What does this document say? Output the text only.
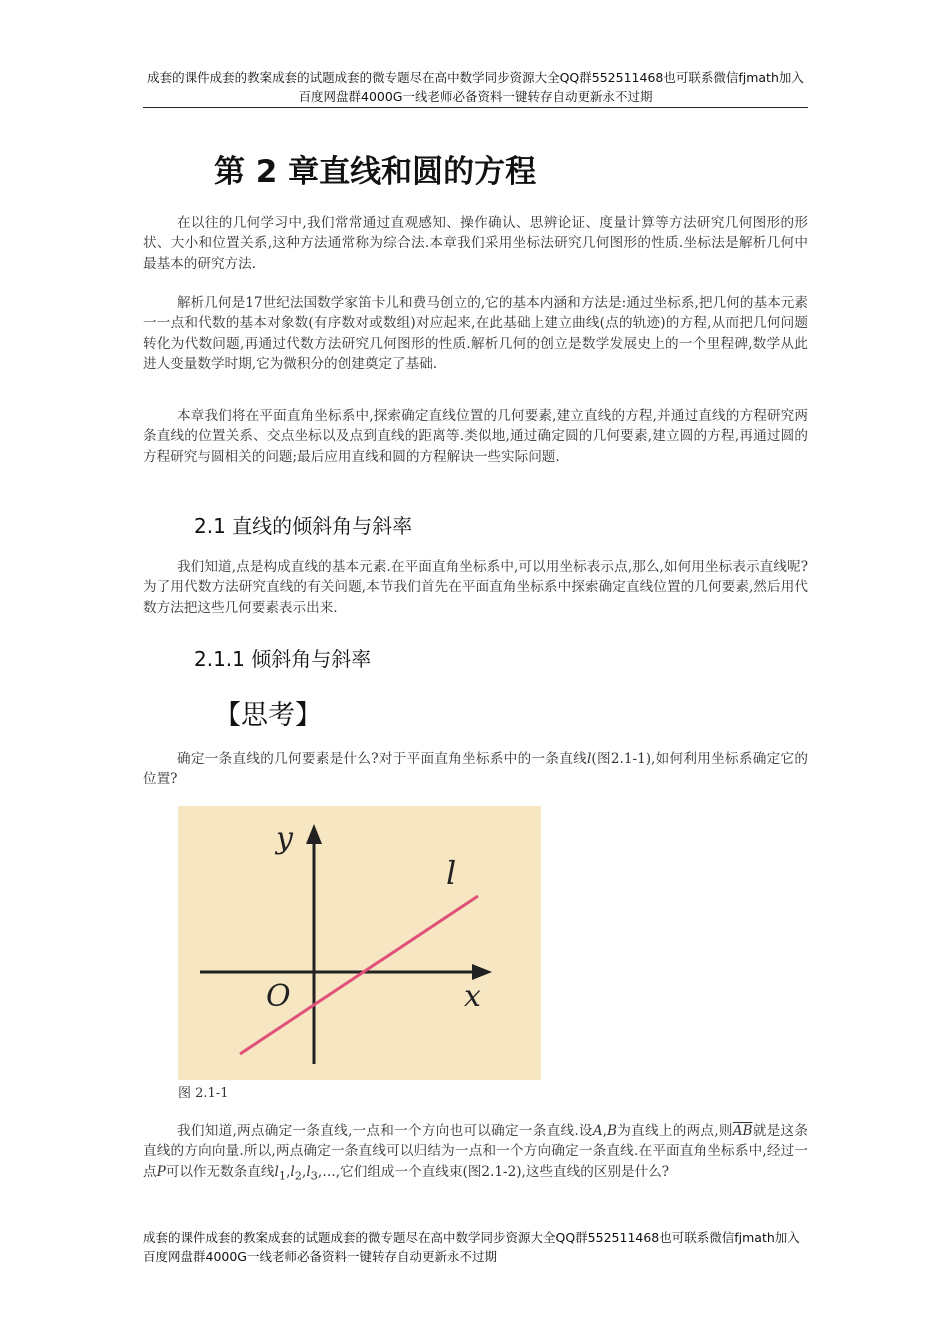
成套的课件成套的教案成套的试题成套的微专题尽在高中数学同步资源大全QQ群552511468也可联系微信fjmath加入百度网盘群4000G一线老师必备资料一键转存自动更新永不过期
第 2 章直线和圆的方程
在以往的几何学习中,我们常常通过直观感知、操作确认、思辨论证、度量计算等方法研究几何图形的形状、大小和位置关系,这种方法通常称为综合法.本章我们采用坐标法研究几何图形的性质.坐标法是解析几何中最基本的研究方法.
解析几何是17世纪法国数学家笛卡儿和费马创立的,它的基本内涵和方法是:通过坐标系,把几何的基本元素一一点和代数的基本对象数(有序数对或数组)对应起来,在此基础上建立曲线(点的轨迹)的方程,从而把几何问题转化为代数问题,再通过代数方法研究几何图形的性质.解析几何的创立是数学发展史上的一个里程碑,数学从此进人变量数学时期,它为微积分的创建奠定了基础.
本章我们将在平面直角坐标系中,探索确定直线位置的几何要素,建立直线的方程,并通过直线的方程研究两条直线的位置关系、交点坐标以及点到直线的距离等.类似地,通过确定圆的几何要素,建立圆的方程,再通过圆的方程研究与圆相关的问题;最后应用直线和圆的方程解诀一些实际问题.
2.1 直线的倾斜角与斜率
我们知道,点是构成直线的基本元素.在平面直角坐标系中,可以用坐标表示点,那么,如何用坐标表示直线呢?为了用代数方法研究直线的有关问题,本节我们首先在平面直角坐标系中探索确定直线位置的几何要素,然后用代数方法把这些几何要素表示出来.
2.1.1 倾斜角与斜率
【思考】
确定一条直线的几何要素是什么?对于平面直角坐标系中的一条直线l(图2.1-1),如何利用坐标系确定它的位置?
y
x
O
l
图 2.1-1
我们知道,两点确定一条直线,一点和一个方向也可以确定一条直线.设A,B为直线上的两点,则$\overline{AB}$就是这条直线的方向向量.所以,两点确定一条直线可以归结为一点和一个方向确定一条直线.在平面直角坐标系中,经过一点P可以作无数条直线$l_1,l_2,l_3,\dots$,它们组成一个直线束(图2.1-2),这些直线的区别是什么?
成套的课件成套的教案成套的试题成套的微专题尽在高中数学同步资源大全QQ群552511468也可联系微信fjmath加入百度网盘群4000G一线老师必备资料一键转存自动更新永不过期
